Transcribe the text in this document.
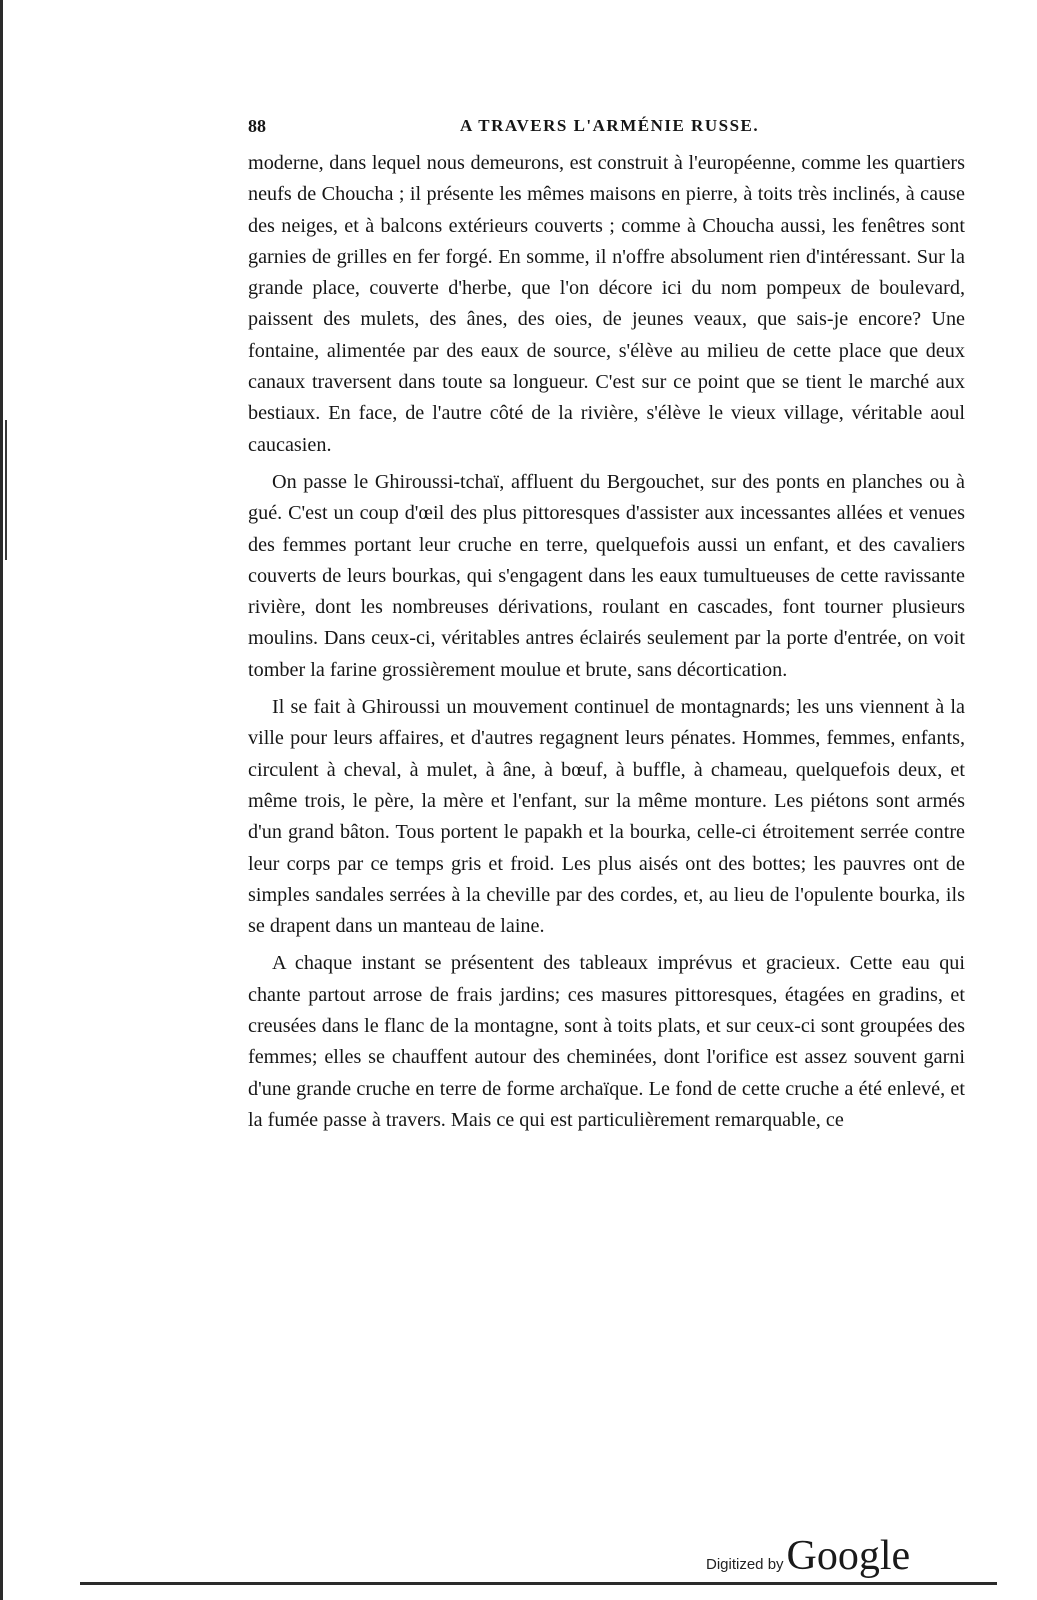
88	A TRAVERS L'ARMÉNIE RUSSE.

moderne, dans lequel nous demeurons, est construit à l'européenne, comme les quartiers neufs de Choucha ; il présente les mêmes maisons en pierre, à toits très inclinés, à cause des neiges, et à balcons extérieurs couverts ; comme à Choucha aussi, les fenêtres sont garnies de grilles en fer forgé. En somme, il n'offre absolument rien d'intéressant. Sur la grande place, couverte d'herbe, que l'on décore ici du nom pompeux de boulevard, paissent des mulets, des ânes, des oies, de jeunes veaux, que sais-je encore? Une fontaine, alimentée par des eaux de source, s'élève au milieu de cette place que deux canaux traversent dans toute sa longueur. C'est sur ce point que se tient le marché aux bestiaux. En face, de l'autre côté de la rivière, s'élève le vieux village, véritable aoul caucasien.

On passe le Ghiroussi-tchaï, affluent du Bergouchet, sur des ponts en planches ou à gué. C'est un coup d'œil des plus pittoresques d'assister aux incessantes allées et venues des femmes portant leur cruche en terre, quelquefois aussi un enfant, et des cavaliers couverts de leurs bourkas, qui s'engagent dans les eaux tumultueuses de cette ravissante rivière, dont les nombreuses dérivations, roulant en cascades, font tourner plusieurs moulins. Dans ceux-ci, véritables antres éclairés seulement par la porte d'entrée, on voit tomber la farine grossièrement moulue et brute, sans décortication.

Il se fait à Ghiroussi un mouvement continuel de montagnards; les uns viennent à la ville pour leurs affaires, et d'autres regagnent leurs pénates. Hommes, femmes, enfants, circulent à cheval, à mulet, à âne, à bœuf, à buffle, à chameau, quelquefois deux, et même trois, le père, la mère et l'enfant, sur la même monture. Les piétons sont armés d'un grand bâton. Tous portent le papakh et la bourka, celle-ci étroitement serrée contre leur corps par ce temps gris et froid. Les plus aisés ont des bottes; les pauvres ont de simples sandales serrées à la cheville par des cordes, et, au lieu de l'opulente bourka, ils se drapent dans un manteau de laine.

A chaque instant se présentent des tableaux imprévus et gracieux. Cette eau qui chante partout arrose de frais jardins; ces masures pittoresques, étagées en gradins, et creusées dans le flanc de la montagne, sont à toits plats, et sur ceux-ci sont groupées des femmes; elles se chauffent autour des cheminées, dont l'orifice est assez souvent garni d'une grande cruche en terre de forme archaïque. Le fond de cette cruche a été enlevé, et la fumée passe à travers. Mais ce qui est particulièrement remarquable, ce

Digitized by Google
